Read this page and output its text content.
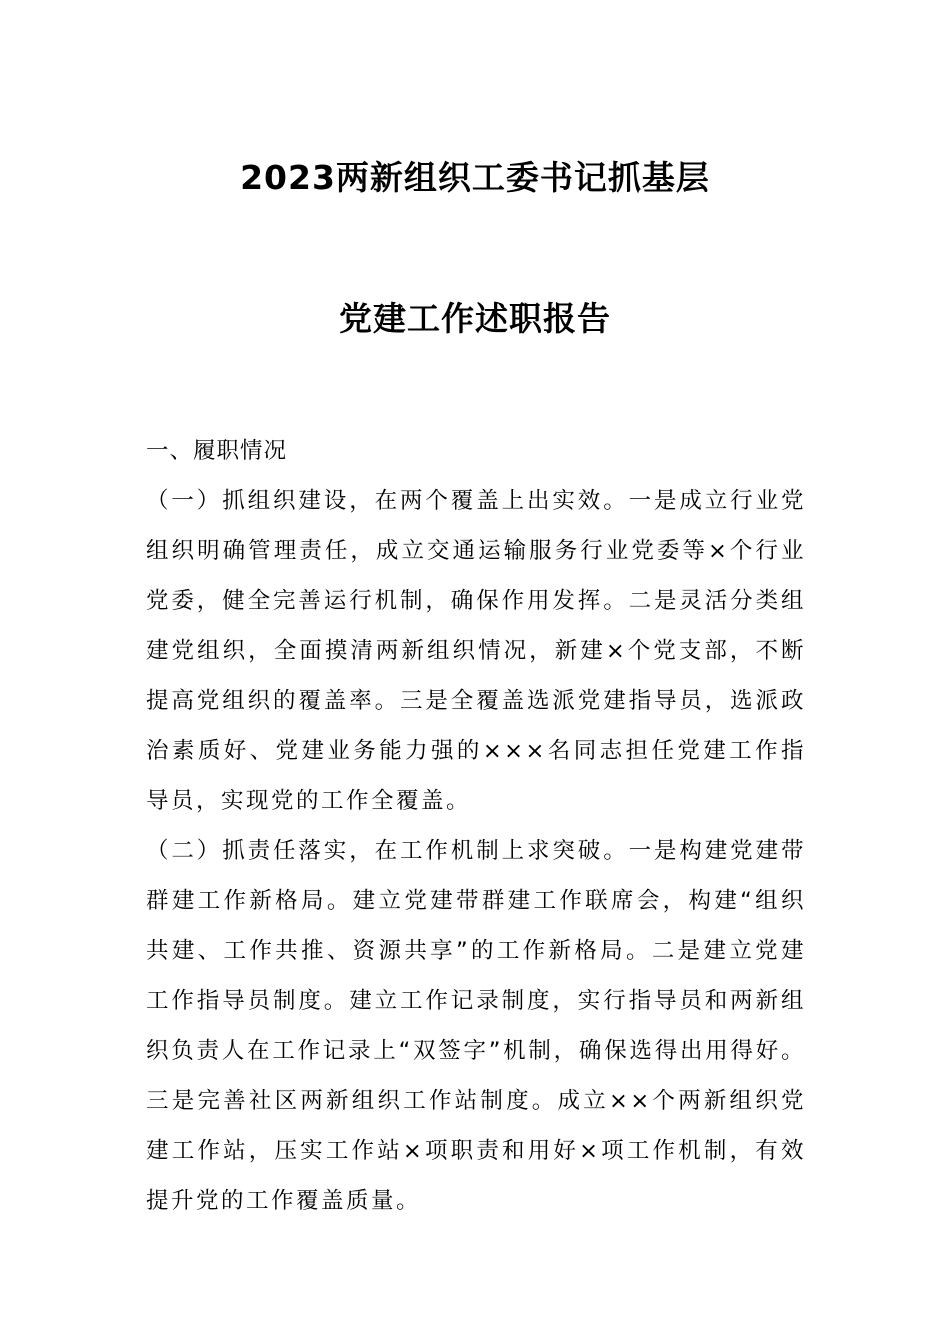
2023两新组织工委书记抓基层
党建工作述职报告

一、履职情况

（一）抓组织建设，在两个覆盖上出实效。一是成立行业党组织明确管理责任，成立交通运输服务行业党委等×个行业党委，健全完善运行机制，确保作用发挥。二是灵活分类组建党组织，全面摸清两新组织情况，新建×个党支部，不断提高党组织的覆盖率。三是全覆盖选派党建指导员，选派政治素质好、党建业务能力强的×××名同志担任党建工作指导员，实现党的工作全覆盖。

（二）抓责任落实，在工作机制上求突破。一是构建党建带群建工作新格局。建立党建带群建工作联席会，构建“组织共建、工作共推、资源共享”的工作新格局。二是建立党建工作指导员制度。建立工作记录制度，实行指导员和两新组织负责人在工作记录上“双签字”机制，确保选得出用得好。三是完善社区两新组织工作站制度。成立××个两新组织党建工作站，压实工作站×项职责和用好×项工作机制，有效提升党的工作覆盖质量。
